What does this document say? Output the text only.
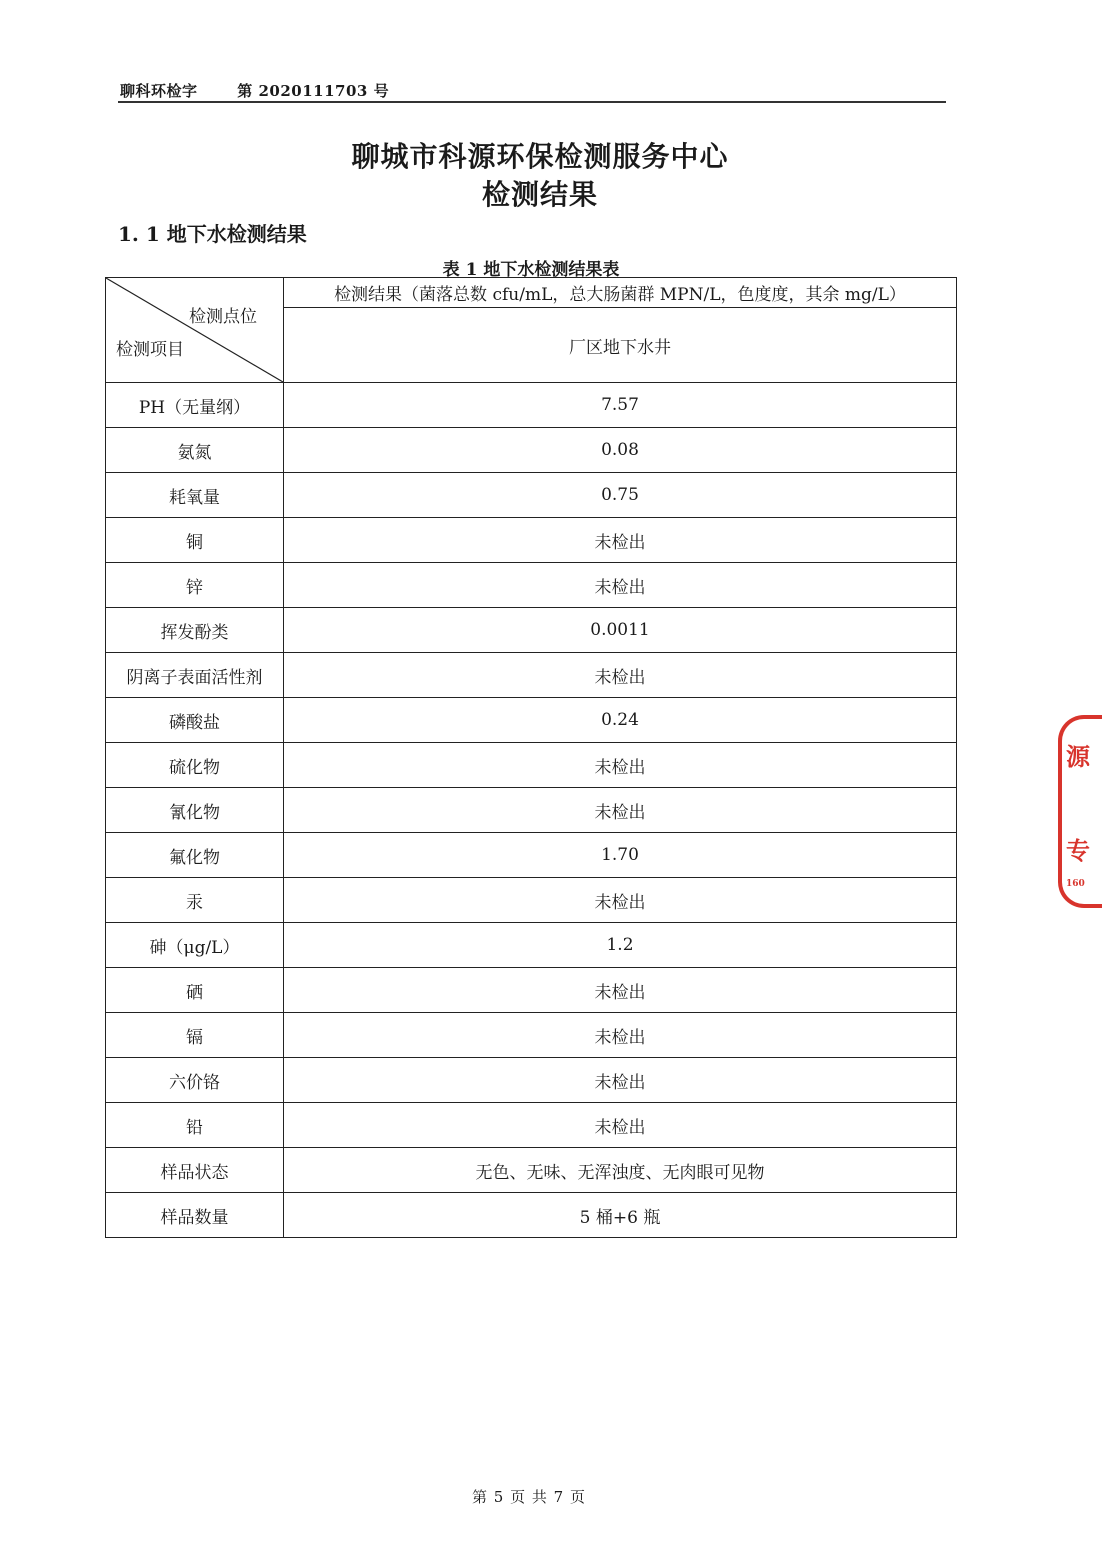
聊科环检字	第 2020111703 号
聊城市科源环保检测服务中心
检测结果
1. 1 地下水检测结果
表 1 地下水检测结果表
检测点位
检测项目	检测结果（菌落总数 cfu/mL，总大肠菌群 MPN/L，色度度，其余 mg/L）
	厂区地下水井
PH（无量纲）	7.57
氨氮	0.08
耗氧量	0.75
铜	未检出
锌	未检出
挥发酚类	0.0011
阴离子表面活性剂	未检出
磷酸盐	0.24
硫化物	未检出
氰化物	未检出
氟化物	1.70
汞	未检出
砷（μg/L）	1.2
硒	未检出
镉	未检出
六价铬	未检出
铅	未检出
样品状态	无色、无味、无浑浊度、无肉眼可见物
样品数量	5 桶+6 瓶
第 5 页 共 7 页
源
专
160
